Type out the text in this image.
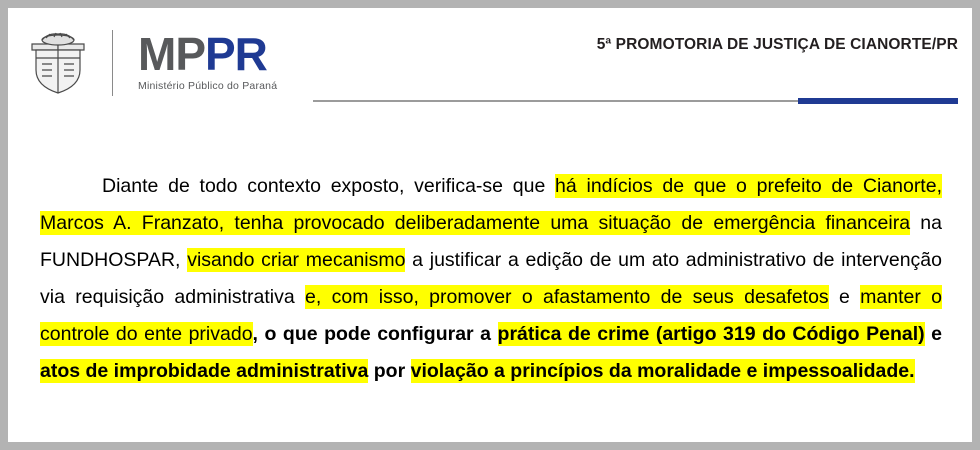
MPPR
Ministério Público do Paraná
5ª PROMOTORIA DE JUSTIÇA DE CIANORTE/PR
Diante de todo contexto exposto, verifica-se que há indícios de que o prefeito de Cianorte, Marcos A. Franzato, tenha provocado deliberadamente uma situação de emergência financeira na FUNDHOSPAR, visando criar mecanismo a justificar a edição de um ato administrativo de intervenção via requisição administrativa e, com isso, promover o afastamento de seus desafetos e manter o controle do ente privado, o que pode configurar a prática de crime (artigo 319 do Código Penal) e atos de improbidade administrativa por violação a princípios da moralidade e impessoalidade.
